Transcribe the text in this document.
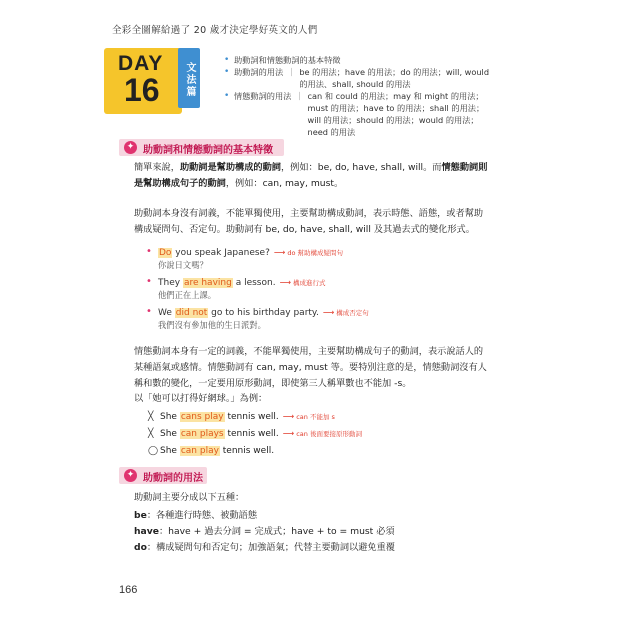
全彩全圖解給過了 20 歲才決定學好英文的人們
DAY
16	文法篇
• 助動詞和情態動詞的基本特徵
• 助動詞的用法 ｜ be 的用法；have 的用法；do 的用法；will, would 的用法、shall, should 的用法
• 情態動詞的用法 ｜ can 和 could 的用法；may 和 might 的用法；must 的用法；have to 的用法；shall 的用法；will 的用法；should 的用法；would 的用法；need 的用法
✦ 助動詞和情態動詞的基本特徵
簡單來說，助動詞是幫助構成的動詞，例如：be, do, have, shall, will。而情態動詞則是幫助構成句子的動詞，例如：can, may, must。
助動詞本身沒有詞義，不能單獨使用，主要幫助構成動詞，表示時態、語態，或者幫助構成疑問句、否定句。助動詞有 be, do, have, shall, will 及其過去式的變化形式。
• Do you speak Japanese? ⟶ do 幫助構成疑問句
你說日文嗎？
• They are having a lesson. ⟶ 構成進行式
他們正在上課。
• We did not go to his birthday party. ⟶ 構成否定句
我們沒有參加他的生日派對。
情態動詞本身有一定的詞義，不能單獨使用，主要幫助構成句子的動詞，表示說話人的某種語氣或感情。情態動詞有 can, may, must 等。要特別注意的是，情態動詞沒有人稱和數的變化，一定要用原形動詞，即使第三人稱單數也不能加 -s。
以「她可以打得好網球。」為例：
╳ She cans play tennis well. ⟶ can 不能加 s
╳ She can plays tennis well. ⟶ can 後面要接原形動詞
◯ She can play tennis well.
✦ 助動詞的用法
助動詞主要分成以下五種：
be：各種進行時態、被動語態
have：have + 過去分詞 = 完成式；have + to = must 必須
do：構成疑問句和否定句；加強語氣；代替主要動詞以避免重覆
166
